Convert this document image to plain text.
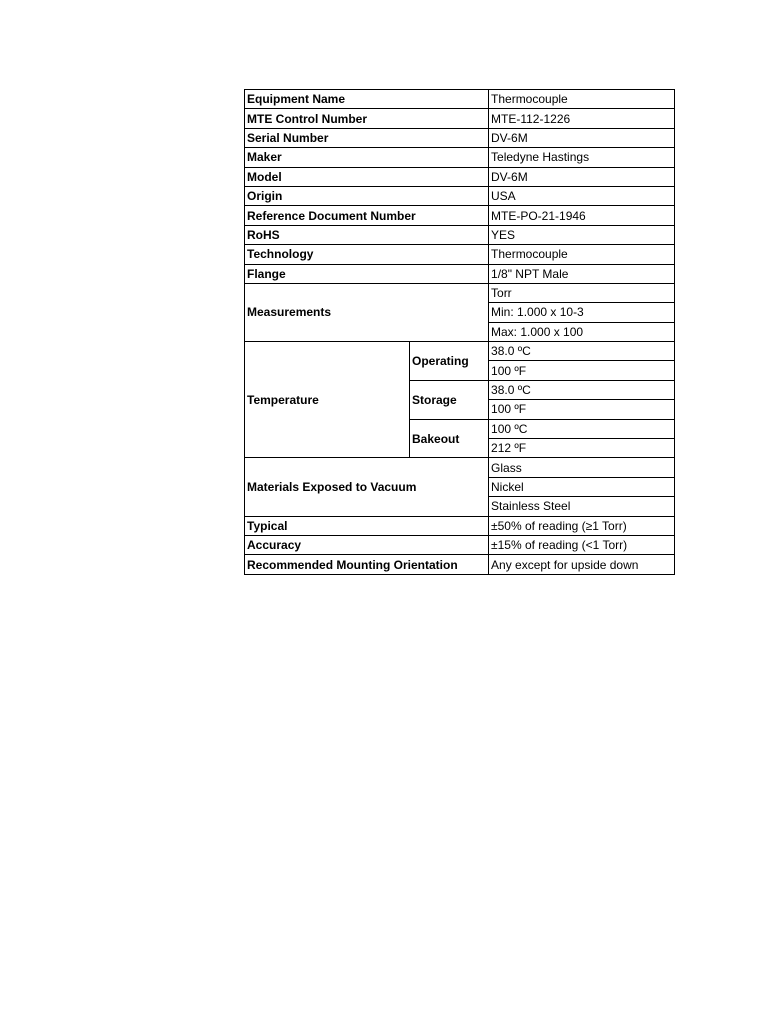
Equipment Name		Thermocouple
MTE Control Number		MTE-112-1226
Serial Number		DV-6M
Maker		Teledyne Hastings
Model		DV-6M
Origin		USA
Reference Document Number		MTE-PO-21-1946
RoHS		YES
Technology		Thermocouple
Flange		1/8" NPT Male
Measurements		Torr
		Min: 1.000 x 10-3
		Max: 1.000 x 100
Temperature	Operating	38.0 ºC
		100 ºF
	Storage	38.0 ºC
		100 ºF
	Bakeout	100 ºC
		212 ºF
Materials Exposed to Vacuum		Glass
		Nickel
		Stainless Steel
Typical		±50% of reading (≥1 Torr)
Accuracy		±15% of reading (<1 Torr)
Recommended Mounting Orientation		Any except for upside down
